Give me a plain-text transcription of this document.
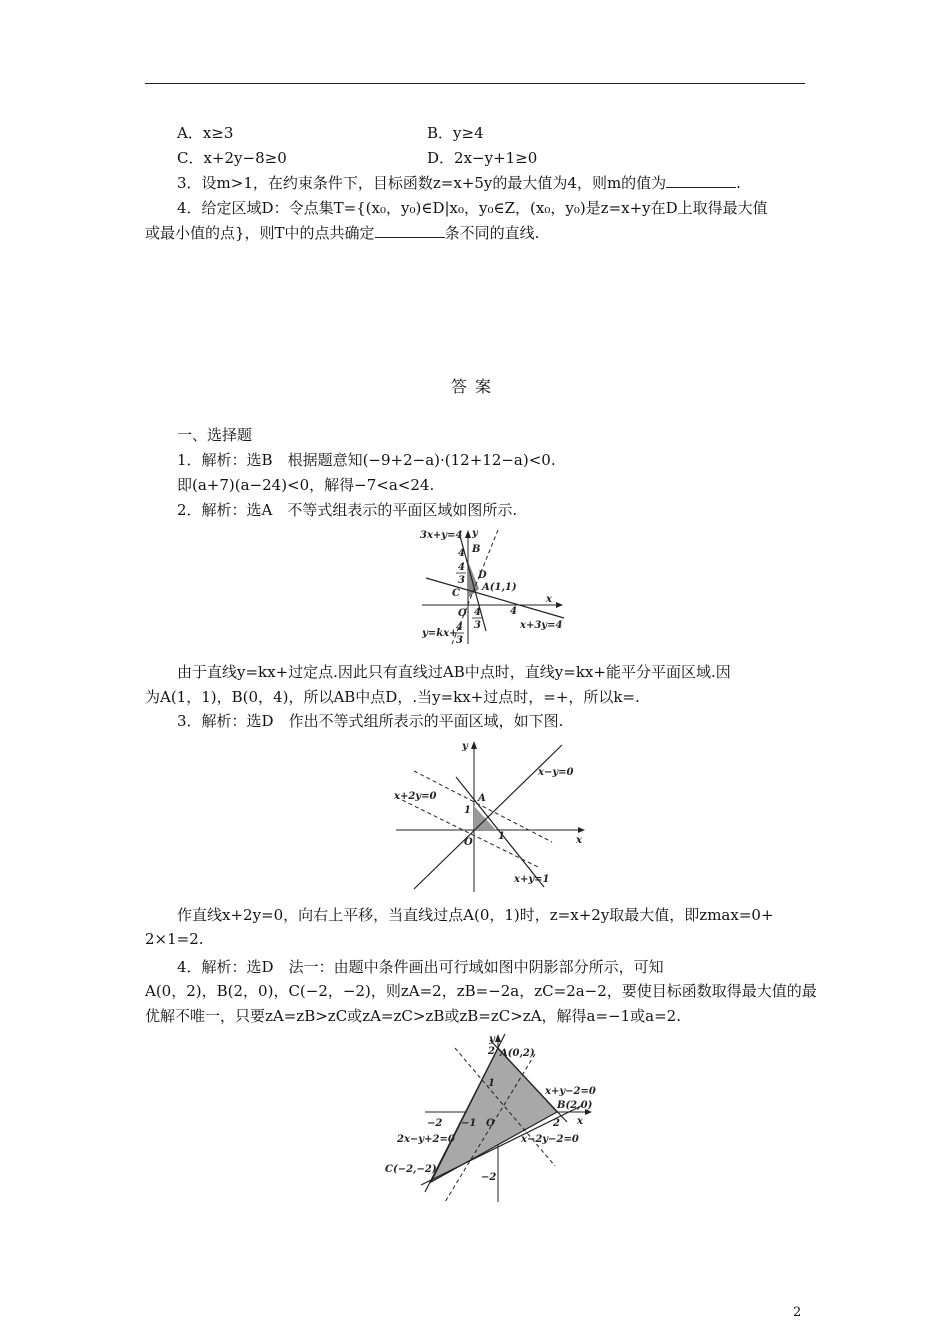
A．x≥3	B．y≥4
C．x+2y−8≥0	D．2x−y+1≥0
3．设m>1，在约束条件下，目标函数z=x+5y的最大值为4，则m的值为	.
4．给定区域D：令点集T={(x₀，y₀)∈D|x₀，y₀∈Z，(x₀，y₀)是z=x+y在D上取得最大值
或最小值的点}，则T中的点共确定	条不同的直线.
答案
一、选择题
1．解析：选B　根据题意知(−9+2−a)·(12+12−a)<0.
即(a+7)(a−24)<0，解得−7<a<24.
2．解析：选A　不等式组表示的平面区域如图所示.
3x+y=4 y
B
4
4
3 D
C
A(1,1)
O 4
3
4
x
x+3y=4
y=kx+
4
3
由于直线y=kx+过定点.因此只有直线过AB中点时，直线y=kx+能平分平面区域.因
为A(1，1)，B(0，4)，所以AB中点D，.当y=kx+过点时，=+，所以k=.
3．解析：选D　作出不等式组所表示的平面区域，如下图.
y
x−y=0
x+2y=0	A
1
1
O	x
x+y=1
作直线x+2y=0，向右上平移，当直线过点A(0，1)时，z=x+2y取最大值，即zmax=0+
2×1=2.
4．解析：选D　法一：由题中条件画出可行域如图中阴影部分所示，可知
A(0，2)，B(2，0)，C(−2，−2)，则zA=2，zB=−2a，zC=2a−2，要使目标函数取得最大值的最
优解不唯一，只要zA=zB>zC或zA=zC>zB或zB=zC>zA，解得a=−1或a=2.
y
A(0,2)
2
1
x+y−2=0
B(2,0)
−2 −1 O	x
2
2x−y+2=0	x−2y−2=0
C(−2,−2)
−2
2
